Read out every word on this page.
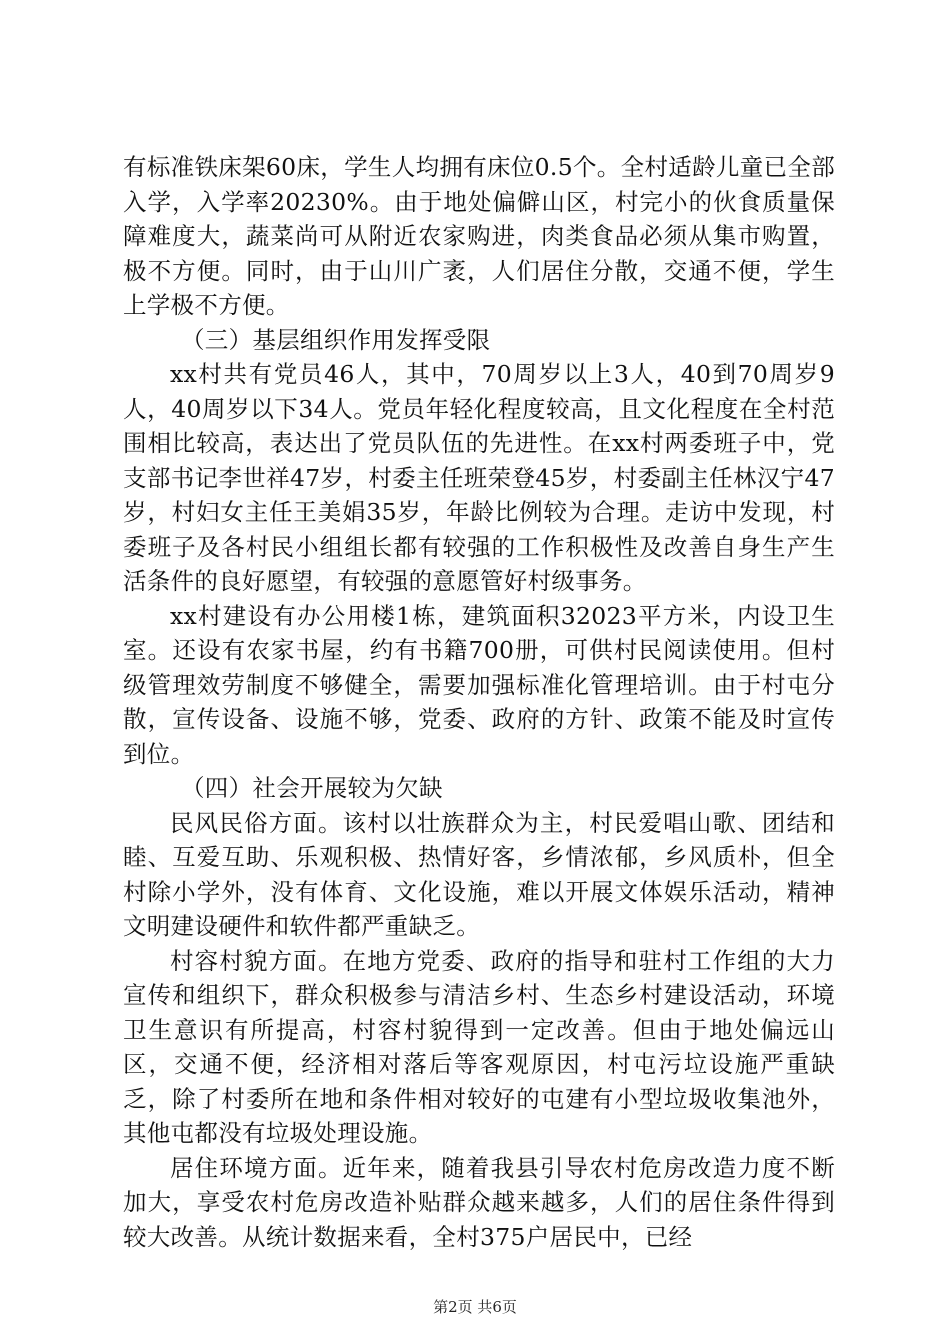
有标准铁床架60床，学生人均拥有床位0.5个。全村适龄儿童已全部入学，入学率20230%。由于地处偏僻山区，村完小的伙食质量保障难度大，蔬菜尚可从附近农家购进，肉类食品必须从集市购置，极不方便。同时，由于山川广袤，人们居住分散，交通不便，学生上学极不方便。

（三）基层组织作用发挥受限

xx村共有党员46人，其中，70周岁以上3人，40到70周岁9人，40周岁以下34人。党员年轻化程度较高，且文化程度在全村范围相比较高，表达出了党员队伍的先进性。在xx村两委班子中，党支部书记李世祥47岁，村委主任班荣登45岁，村委副主任林汉宁47岁，村妇女主任王美娟35岁，年龄比例较为合理。走访中发现，村委班子及各村民小组组长都有较强的工作积极性及改善自身生产生活条件的良好愿望，有较强的意愿管好村级事务。

xx村建设有办公用楼1栋，建筑面积32023平方米，内设卫生室。还设有农家书屋，约有书籍700册，可供村民阅读使用。但村级管理效劳制度不够健全，需要加强标准化管理培训。由于村屯分散，宣传设备、设施不够，党委、政府的方针、政策不能及时宣传到位。

（四）社会开展较为欠缺

民风民俗方面。该村以壮族群众为主，村民爱唱山歌、团结和睦、互爱互助、乐观积极、热情好客，乡情浓郁，乡风质朴，但全村除小学外，没有体育、文化设施，难以开展文体娱乐活动，精神文明建设硬件和软件都严重缺乏。

村容村貌方面。在地方党委、政府的指导和驻村工作组的大力宣传和组织下，群众积极参与清洁乡村、生态乡村建设活动，环境卫生意识有所提高，村容村貌得到一定改善。但由于地处偏远山区，交通不便，经济相对落后等客观原因，村屯污垃设施严重缺乏，除了村委所在地和条件相对较好的屯建有小型垃圾收集池外，其他屯都没有垃圾处理设施。

居住环境方面。近年来，随着我县引导农村危房改造力度不断加大，享受农村危房改造补贴群众越来越多，人们的居住条件得到较大改善。从统计数据来看，全村375户居民中，已经

第2页 共6页
